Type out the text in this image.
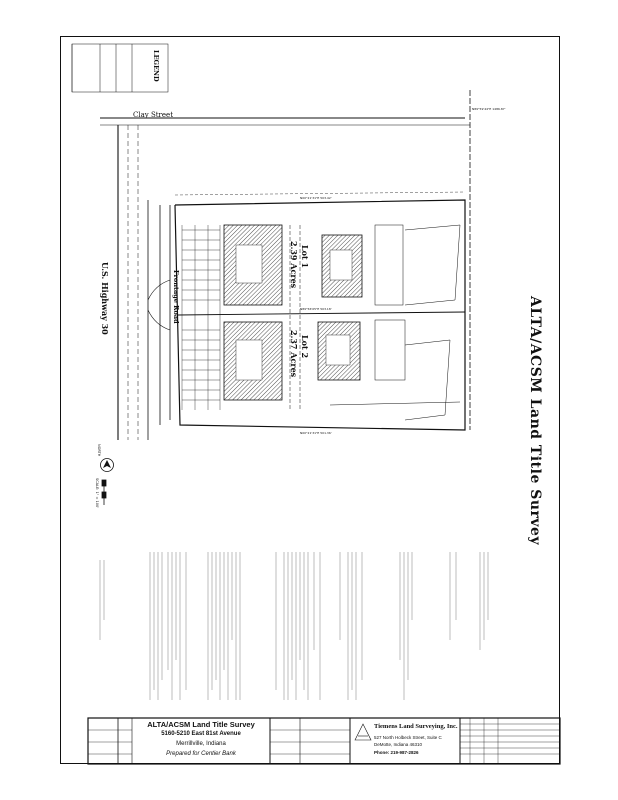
N00°21'31"E 503.42'
N89°56'05"E 503.18'
N00°21'31"E 501.36'
N89°59'44"E 1486.87'
LEGEND
Clay Street
U.S. Highway 30	Frontage Road
Lot 1
2.39 Acres
Lot 2
2.37 Acres
NORTH
SCALE: 1" = 100'	ALTA/ACSM Land Title Survey
ALTA/ACSM Land Title Survey
5160-5210 East 81st Avenue
Merrillville, Indiana
Prepared for Centier Bank
Tiemens Land Surveying, Inc.
527 North Holbeck Street, Suite C
DeMotte, Indiana 46310
Phone: 219-987-2826
